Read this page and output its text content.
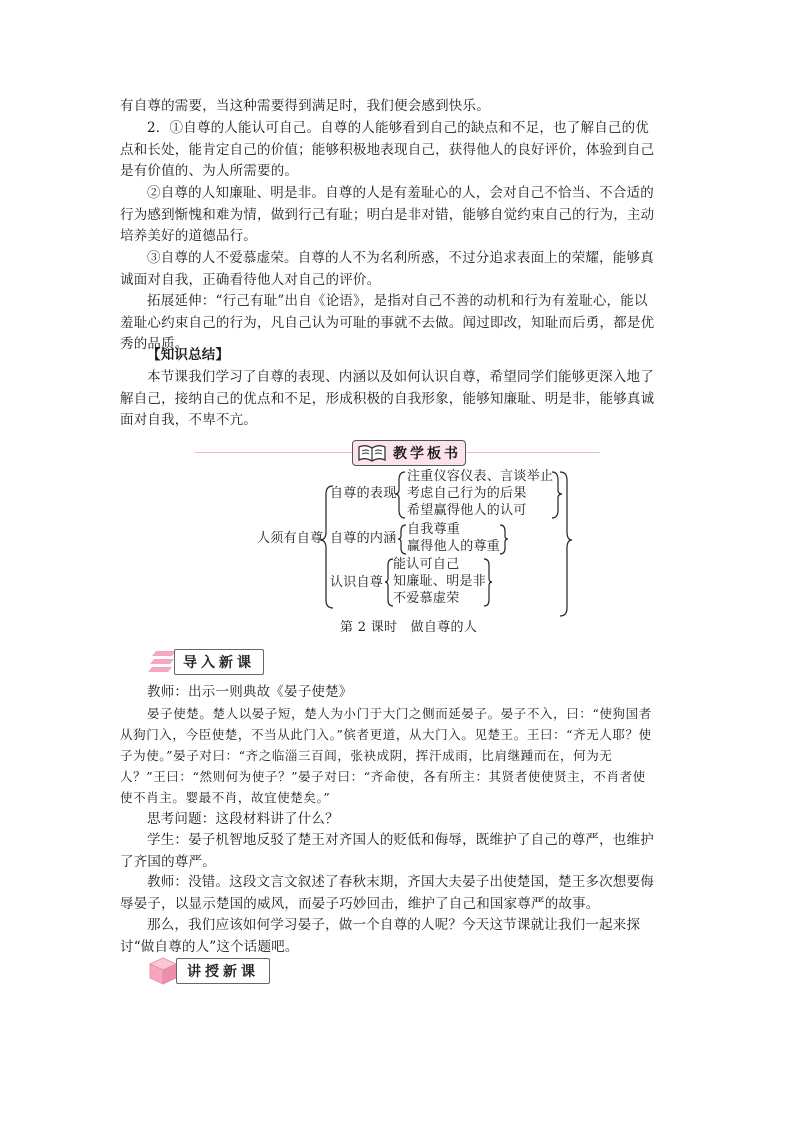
有自尊的需要，当这种需要得到满足时，我们便会感到快乐。

2．①自尊的人能认可自己。自尊的人能够看到自己的缺点和不足，也了解自己的优点和长处，能肯定自己的价值；能够积极地表现自己，获得他人的良好评价，体验到自己是有价值的、为人所需要的。

②自尊的人知廉耻、明是非。自尊的人是有羞耻心的人，会对自己不恰当、不合适的行为感到惭愧和难为情，做到行己有耻；明白是非对错，能够自觉约束自己的行为，主动培养美好的道德品行。

③自尊的人不爱慕虚荣。自尊的人不为名利所惑，不过分追求表面上的荣耀，能够真诚面对自我，正确看待他人对自己的评价。

拓展延伸：“行己有耻”出自《论语》，是指对自己不善的动机和行为有羞耻心，能以羞耻心约束自己的行为，凡自己认为可耻的事就不去做。闻过即改，知耻而后勇，都是优秀的品质。

【知识总结】

本节课我们学习了自尊的表现、内涵以及如何认识自尊，希望同学们能够更深入地了解自己，接纳自己的优点和不足，形成积极的自我形象，能够知廉耻、明是非，能够真诚面对自我，不卑不亢。

教学板书
人须有自尊
自尊的表现
注重仪容仪表、言谈举止
考虑自己行为的后果
希望赢得他人的认可
自尊的内涵
自我尊重
赢得他人的尊重
认识自尊
能认可自己
知廉耻、明是非
不爱慕虚荣
第 2 课时　做自尊的人
导入新课

教师：出示一则典故《晏子使楚》

晏子使楚。楚人以晏子短，楚人为小门于大门之侧而延晏子。晏子不入，曰：“使狗国者从狗门入，今臣使楚，不当从此门入。”傧者更道，从大门入。见楚王。王曰：“齐无人耶？使子为使。”晏子对曰：“齐之临淄三百闾，张袂成阴，挥汗成雨，比肩继踵而在，何为无人？”王曰：“然则何为使子？”晏子对曰：“齐命使，各有所主：其贤者使使贤主，不肖者使使不肖主。婴最不肖，故宜使楚矣。”

思考问题：这段材料讲了什么？

学生：晏子机智地反驳了楚王对齐国人的贬低和侮辱，既维护了自己的尊严，也维护了齐国的尊严。

教师：没错。这段文言文叙述了春秋末期，齐国大夫晏子出使楚国，楚王多次想要侮辱晏子，以显示楚国的威风，而晏子巧妙回击，维护了自己和国家尊严的故事。

那么，我们应该如何学习晏子，做一个自尊的人呢？今天这节课就让我们一起来探讨“做自尊的人”这个话题吧。

讲授新课
